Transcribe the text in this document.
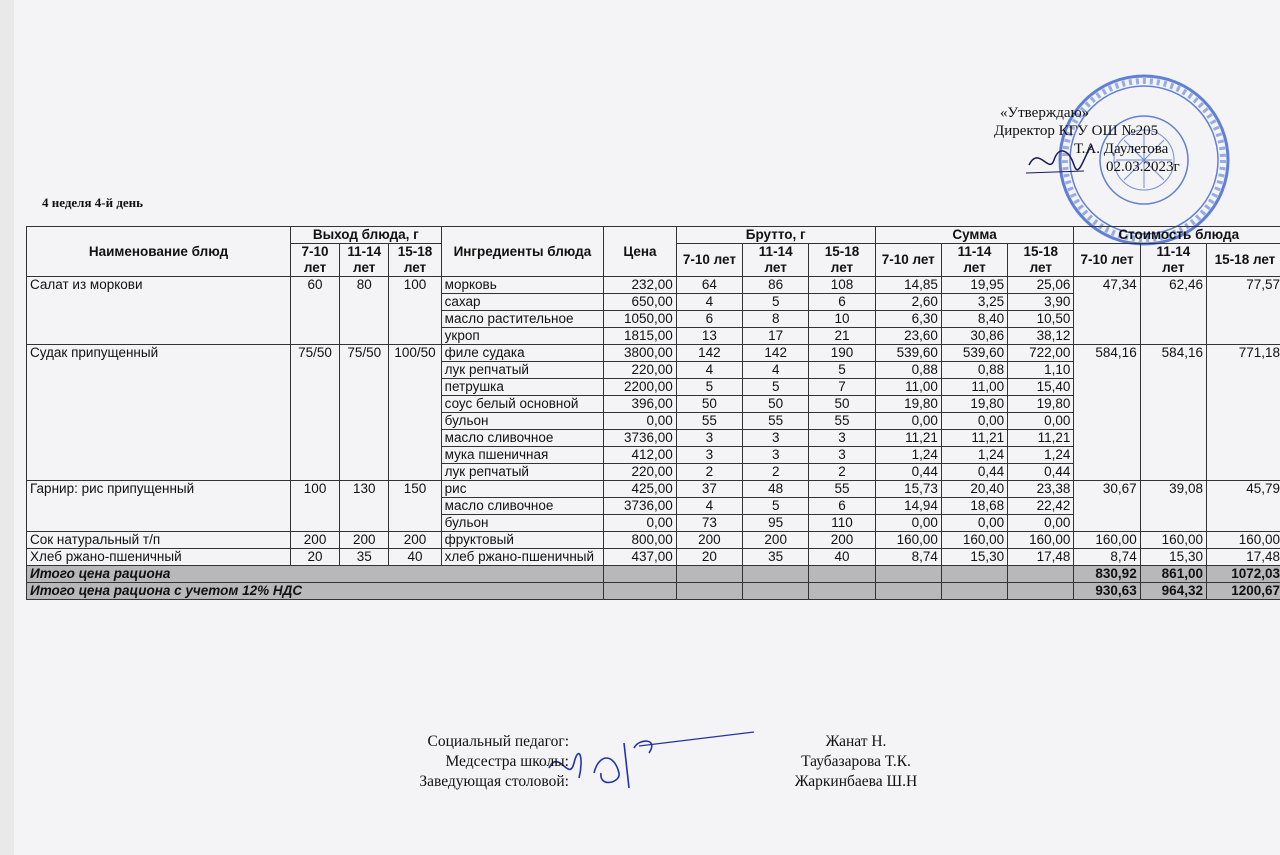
«Утверждаю»
Директор КГУ ОШ №205
Т.А. Даулетова
02.03.2023г
4 неделя 4-й день
Наименование блюд	Выход блюда, г			Ингредиенты блюда	Цена	Брутто, г			Сумма			Стоимость блюда		
	7-10 лет	11-14 лет	15-18 лет			7-10 лет	11-14 лет	15-18 лет	7-10 лет	11-14 лет	15-18 лет	7-10 лет	11-14 лет	15-18 лет
Салат из моркови	60	80	100	морковь	232,00	64	86	108	14,85	19,95	25,06	47,34	62,46	77,57
				сахар	650,00	4	5	6	2,60	3,25	3,90			
				масло растительное	1050,00	6	8	10	6,30	8,40	10,50			
				укроп	1815,00	13	17	21	23,60	30,86	38,12			
Судак припущенный	75/50	75/50	100/50	филе судака	3800,00	142	142	190	539,60	539,60	722,00	584,16	584,16	771,18
				лук репчатый	220,00	4	4	5	0,88	0,88	1,10			
				петрушка	2200,00	5	5	7	11,00	11,00	15,40			
				соус белый основной	396,00	50	50	50	19,80	19,80	19,80			
				бульон	0,00	55	55	55	0,00	0,00	0,00			
				масло сливочное	3736,00	3	3	3	11,21	11,21	11,21			
				мука пшеничная	412,00	3	3	3	1,24	1,24	1,24			
				лук репчатый	220,00	2	2	2	0,44	0,44	0,44			
Гарнир: рис припущенный	100	130	150	рис	425,00	37	48	55	15,73	20,40	23,38	30,67	39,08	45,79
				масло сливочное	3736,00	4	5	6	14,94	18,68	22,42			
				бульон	0,00	73	95	110	0,00	0,00	0,00			
Сок натуральный т/п	200	200	200	фруктовый	800,00	200	200	200	160,00	160,00	160,00	160,00	160,00	160,00
Хлеб ржано-пшеничный	20	35	40	хлеб ржано-пшеничный	437,00	20	35	40	8,74	15,30	17,48	8,74	15,30	17,48
Итого цена рациона												830,92	861,00	1072,03
Итого цена рациона с учетом 12% НДС												930,63	964,32	1200,67
Социальный педагог:
Медсестра школы:
Заведующая столовой:
Жанат Н.
Таубазарова Т.К.
Жаркинбаева Ш.Н
